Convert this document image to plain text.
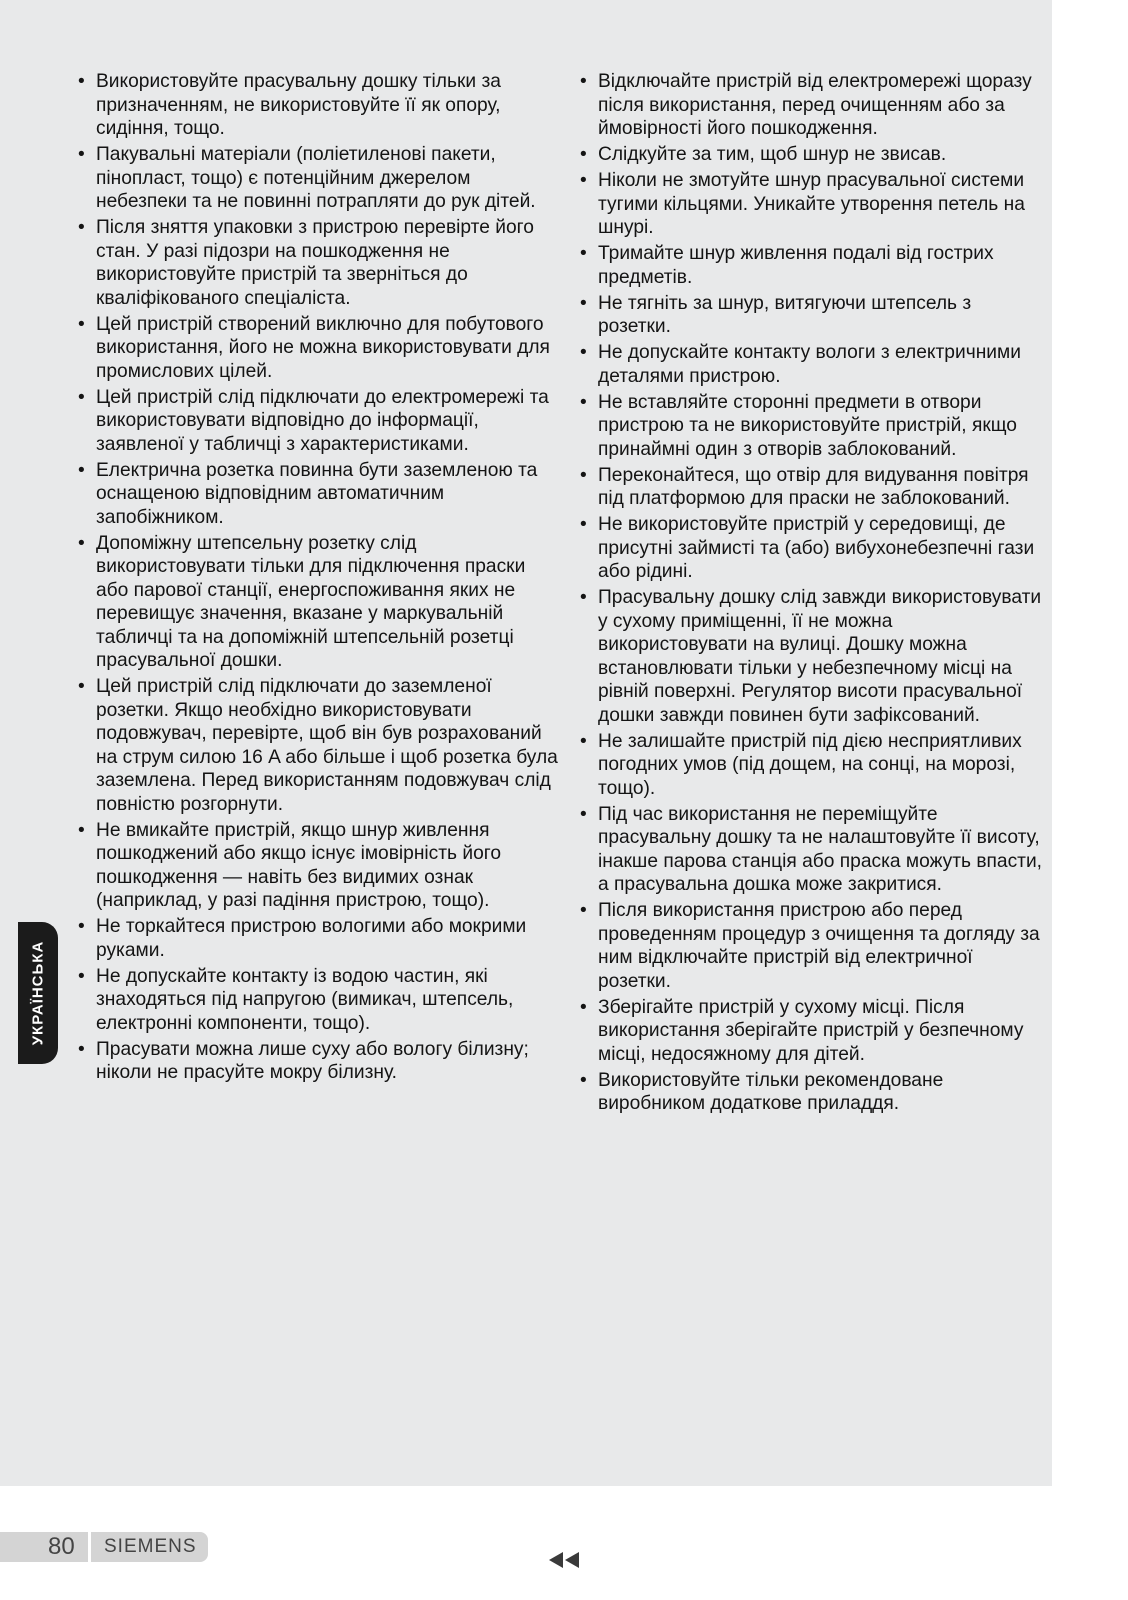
• Використовуйте прасувальну дошку тільки за призначенням, не використовуйте її як опору, сидіння, тощо.
• Пакувальні матеріали (поліетиленові пакети, пінопласт, тощо) є потенційним джерелом небезпеки та не повинні потрапляти до рук дітей.
• Після зняття упаковки з пристрою перевірте його стан. У разі підозри на пошкодження не використовуйте пристрій та зверніться до кваліфікованого спеціаліста.
• Цей пристрій створений виключно для побутового використання, його не можна використовувати для промислових цілей.
• Цей пристрій слід підключати до електромережі та використовувати відповідно до інформації, заявленої у табличці з характеристиками.
• Електрична розетка повинна бути заземленою та оснащеною відповідним автоматичним запобіжником.
• Допоміжну штепсельну розетку слід використовувати тільки для підключення праски або парової станції, енергоспоживання яких не перевищує значення, вказане у маркувальній табличці та на допоміжній штепсельній розетці прасувальної дошки.
• Цей пристрій слід підключати до заземленої розетки. Якщо необхідно використовувати подовжувач, перевірте, щоб він був розрахований на струм силою 16 A або більше і щоб розетка була заземлена. Перед використанням подовжувач слід повністю розгорнути.
• Не вмикайте пристрій, якщо шнур живлення пошкоджений або якщо існує імовірність його пошкодження — навіть без видимих ознак (наприклад, у разі падіння пристрою, тощо).
• Не торкайтеся пристрою вологими або мокрими руками.
• Не допускайте контакту із водою частин, які знаходяться під напругою (вимикач, штепсель, електронні компоненти, тощо).
• Прасувати можна лише суху або вологу білизну; ніколи не прасуйте мокру білизну.
• Відключайте пристрій від електромережі щоразу після використання, перед очищенням або за ймовірності його пошкодження.
• Слідкуйте за тим, щоб шнур не звисав.
• Ніколи не змотуйте шнур прасувальної системи тугими кільцями. Уникайте утворення петель на шнурі.
• Тримайте шнур живлення подалі від гострих предметів.
• Не тягніть за шнур, витягуючи штепсель з розетки.
• Не допускайте контакту вологи з електричними деталями пристрою.
• Не вставляйте сторонні предмети в отвори пристрою та не використовуйте пристрій, якщо принаймні один з отворів заблокований.
• Переконайтеся, що отвір для видування повітря під платформою для праски не заблокований.
• Не використовуйте пристрій у середовищі, де присутні займисті та (або) вибухонебезпечні гази або рідині.
• Прасувальну дошку слід завжди використовувати у сухому приміщенні, її не можна використовувати на вулиці. Дошку можна встановлювати тільки у небезпечному місці на рівній поверхні. Регулятор висоти прасувальної дошки завжди повинен бути зафіксований.
• Не залишайте пристрій під дією несприятливих погодних умов (під дощем, на сонці, на морозі, тощо).
• Під час використання не переміщуйте прасувальну дошку та не налаштовуйте її висоту, інакше парова станція або праска можуть впасти, а прасувальна дошка може закритися.
• Після використання пристрою або перед проведенням процедур з очищення та догляду за ним відключайте пристрій від електричної розетки.
• Зберігайте пристрій у сухому місці. Після використання зберігайте пристрій у безпечному місці, недосяжному для дітей.
• Використовуйте тільки рекомендоване виробником додаткове приладдя.
УКРАЇНСЬКА
80 SIEMENS
